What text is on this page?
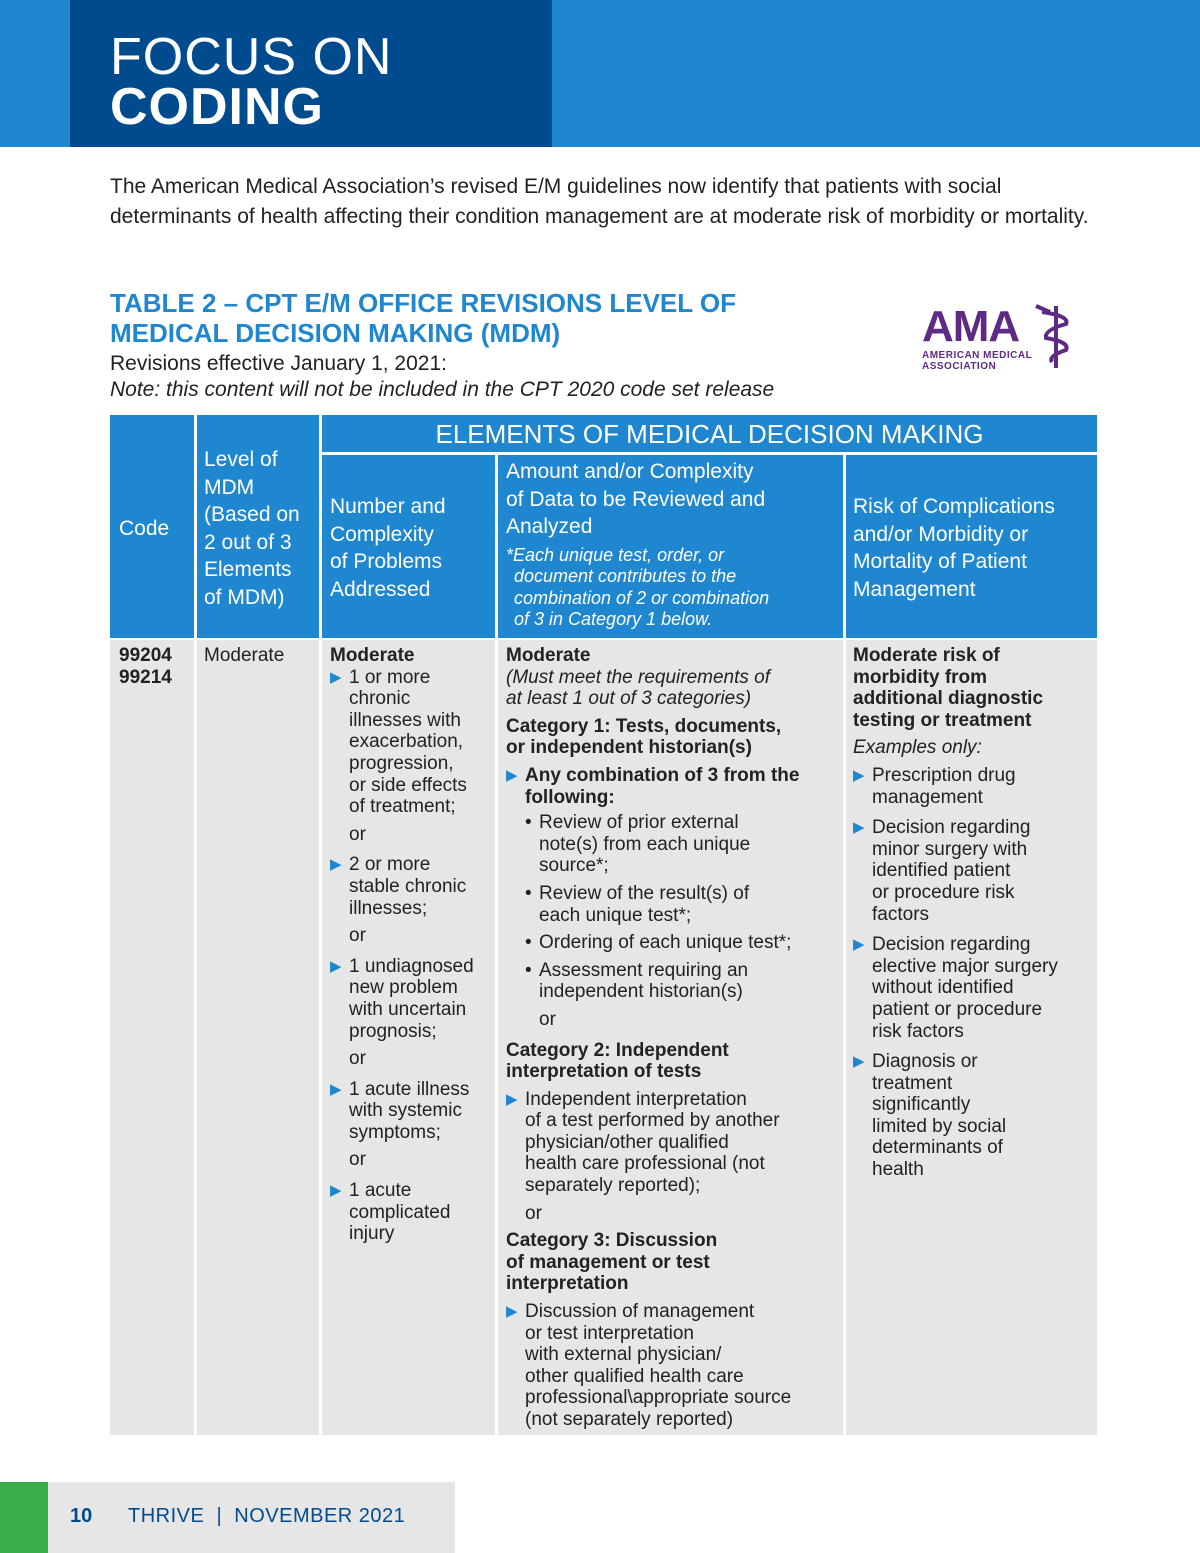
FOCUS ON
CODING
The American Medical Association’s revised E/M guidelines now identify that patients with social determinants of health affecting their condition management are at moderate risk of morbidity or mortality.
TABLE 2 – CPT E/M OFFICE REVISIONS LEVEL OF
MEDICAL DECISION MAKING (MDM)
Revisions effective January 1, 2021:
Note: this content will not be included in the CPT 2020 code set release
AMA
AMERICAN MEDICAL
ASSOCIATION
Code
Level of
MDM
(Based on
2 out of 3
Elements
of MDM)
ELEMENTS OF MEDICAL DECISION MAKING
Number and
Complexity
of Problems
Addressed
Amount and/or Complexity
of Data to be Reviewed and
Analyzed
*Each unique test, order, or
document contributes to the
combination of 2 or combination
of 3 in Category 1 below.
Risk of Complications
and/or Morbidity or
Mortality of Patient
Management
99204
99214
Moderate Moderate
▶ 1 or more
chronic
illnesses with
exacerbation,
progression,
or side effects
of treatment;
or
▶ 2 or more
stable chronic
illnesses;
or
▶ 1 undiagnosed
new problem
with uncertain
prognosis;
or
▶ 1 acute illness
with systemic
symptoms;
or
▶ 1 acute
complicated
injury
Moderate
(Must meet the requirements of
at least 1 out of 3 categories)
Category 1: Tests, documents,
or independent historian(s)
▶ Any combination of 3 from the
following:
• Review of prior external
note(s) from each unique
source*;
• Review of the result(s) of
each unique test*;
• Ordering of each unique test*;
• Assessment requiring an
independent historian(s)
or
Category 2: Independent
interpretation of tests
▶ Independent interpretation
of a test performed by another
physician/other qualified
health care professional (not
separately reported);
or
Category 3: Discussion
of management or test
interpretation
▶ Discussion of management
or test interpretation
with external physician/
other qualified health care
professional\appropriate source
(not separately reported)
Moderate risk of
morbidity from
additional diagnostic
testing or treatment
Examples only:
▶ Prescription drug
management
▶ Decision regarding
minor surgery with
identified patient
or procedure risk
factors
▶ Decision regarding
elective major surgery
without identified
patient or procedure
risk factors
▶ Diagnosis or
treatment
significantly
limited by social
determinants of
health
10 THRIVE  |  NOVEMBER 2021
